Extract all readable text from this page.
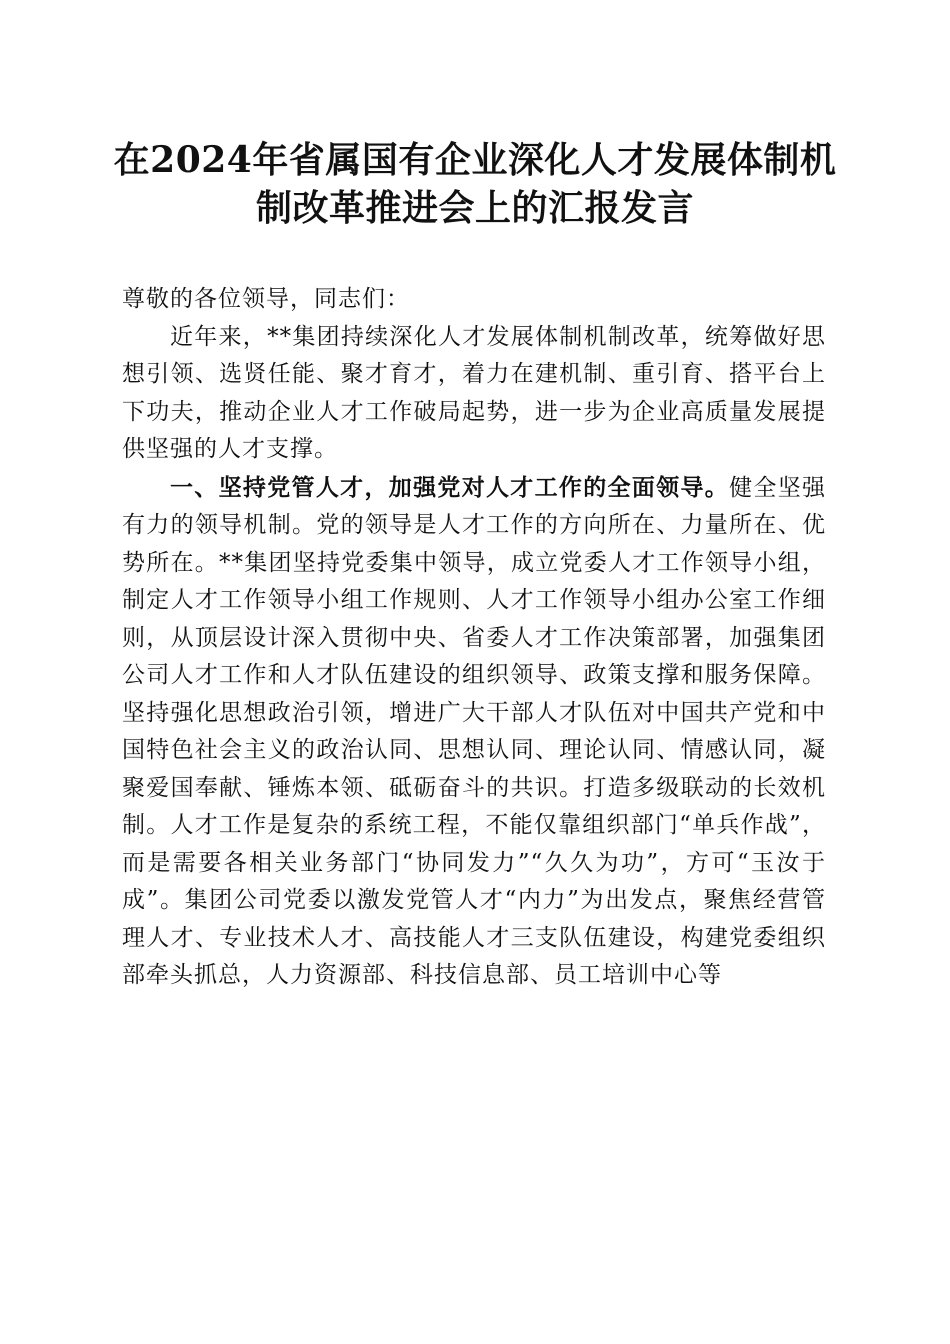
在2024年省属国有企业深化人才发展体制机
制改革推进会上的汇报发言

尊敬的各位领导，同志们：

近年来，**集团持续深化人才发展体制机制改革，统筹做好思想引领、选贤任能、聚才育才，着力在建机制、重引育、搭平台上下功夫，推动企业人才工作破局起势，进一步为企业高质量发展提供坚强的人才支撑。

一、坚持党管人才，加强党对人才工作的全面领导。健全坚强有力的领导机制。党的领导是人才工作的方向所在、力量所在、优势所在。**集团坚持党委集中领导，成立党委人才工作领导小组，制定人才工作领导小组工作规则、人才工作领导小组办公室工作细则，从顶层设计深入贯彻中央、省委人才工作决策部署，加强集团公司人才工作和人才队伍建设的组织领导、政策支撑和服务保障。坚持强化思想政治引领，增进广大干部人才队伍对中国共产党和中国特色社会主义的政治认同、思想认同、理论认同、情感认同，凝聚爱国奉献、锤炼本领、砥砺奋斗的共识。打造多级联动的长效机制。人才工作是复杂的系统工程，不能仅靠组织部门“单兵作战”，而是需要各相关业务部门“协同发力”“久久为功”，方可“玉汝于成”。集团公司党委以激发党管人才“内力”为出发点，聚焦经营管理人才、专业技术人才、高技能人才三支队伍建设，构建党委组织部牵头抓总，人力资源部、科技信息部、员工培训中心等
